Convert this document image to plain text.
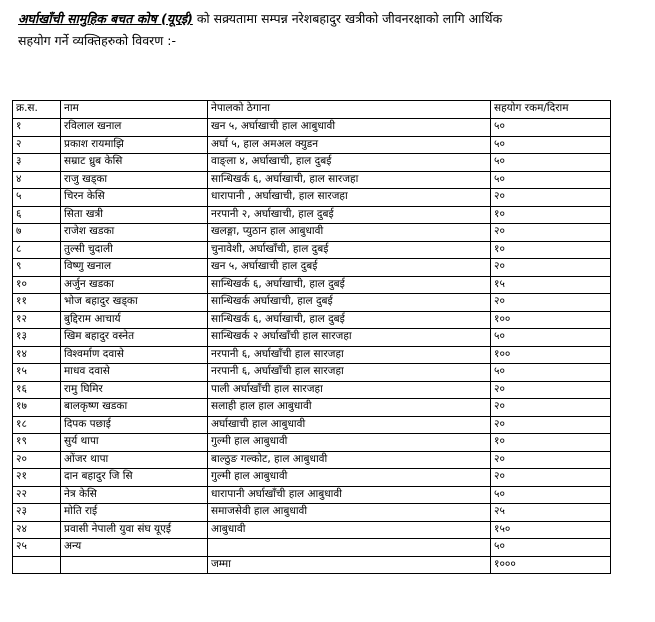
अर्घाखाँची सामुहिक बचत कोष (यूएई) को सक्र्यतामा सम्पन्न नरेशबहादुर खत्रीको जीवनरक्षाको लागि आर्थिक
सहयोग गर्ने व्यक्तिहरुको विवरण :-
क्र.स.	नाम	नेपालको ठेगाना	सहयोग रकम/दिराम
१	रविलाल खनाल	खन ५, अर्घाखाची हाल आबुधावी	५०
२	प्रकाश रायमाझि	अर्घा ५, हाल अमअल क्युडन	५०
३	सम्राट ध्रुब केसि	वाङ्ला ४, अर्घाखाची, हाल दुबई	५०
४	राजु खड्का	सान्धिखर्क ६, अर्घाखाची, हाल सारजहा	५०
५	चिरन केसि	धारापानी , अर्घाखाची, हाल सारजहा	२०
६	सिता खत्री	नरपानी २, अर्घाखाची, हाल दुबई	१०
७	राजेश खडका	खलङ्गा, प्युठान हाल आबुधावी	२०
८	तुल्सी चुदाली	चुनावेशी, अर्घाखाँची, हाल दुबई	१०
९	विष्णु खनाल	खन ५, अर्घाखाची हाल दुबई	२०
१०	अर्जुन खडका	सान्धिखर्क ६, अर्घाखाची, हाल दुबई	१५
११	भोज बहादुर खड्का	सान्धिखर्क अर्घाखाची, हाल दुबई	२०
१२	बुद्दिराम आचार्य	सान्धिखर्क ६, अर्घाखाची, हाल दुबई	१००
१३	खिम बहादुर वस्नेत	सान्धिखर्क २ अर्घाखाँची हाल सारजहा	५०
१४	विश्वर्माण दवासे	नरपानी ६, अर्घाखाँची हाल सारजहा	१००
१५	माधव दवासे	नरपानी ६, अर्घाखाँची हाल सारजहा	५०
१६	रामु घिमिर	पाली अर्घाखाँची हाल सारजहा	२०
१७	बालकृष्ण खडका	सलाही हाल हाल आबुधावी	२०
१८	दिपक पछाई	अर्घाखाची हाल आबुधावी	२०
१९	सुर्य थापा	गुल्मी हाल आबुधावी	१०
२०	ओंजर थापा	बाल्ठुङ गल्कोट, हाल आबुधावी	२०
२१	दान बहादुर जि सि	गुल्मी हाल आबुधावी	२०
२२	नेत्र केसि	धारापानी अर्घाखाँची हाल आबुधावी	५०
२३	मोति राई	समाजसेवी हाल आबुधावी	२५
२४	प्रवासी नेपाली युवा संघ यूएई	आबुधावी	१५०
२५	अन्य		५०
		जम्मा	१०००
